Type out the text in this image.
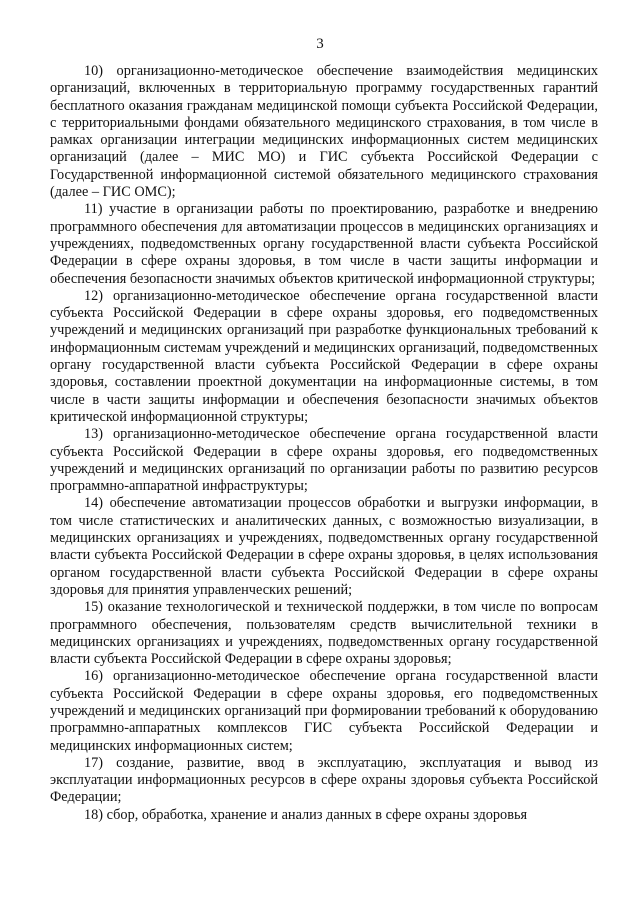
3

10) организационно-методическое обеспечение взаимодействия медицинских организаций, включенных в территориальную программу государственных гарантий бесплатного оказания гражданам медицинской помощи субъекта Российской Федерации, с территориальными фондами обязательного медицинского страхования, в том числе в рамках организации интеграции медицинских информационных систем медицинских организаций (далее – МИС МО) и ГИС субъекта Российской Федерации с Государственной информационной системой обязательного медицинского страхования (далее – ГИС ОМС);

11) участие в организации работы по проектированию, разработке и внедрению программного обеспечения для автоматизации процессов в медицинских организациях и учреждениях, подведомственных органу государственной власти субъекта Российской Федерации в сфере охраны здоровья, в том числе в части защиты информации и обеспечения безопасности значимых объектов критической информационной структуры;

12) организационно-методическое обеспечение органа государственной власти субъекта Российской Федерации в сфере охраны здоровья, его подведомственных учреждений и медицинских организаций при разработке функциональных требований к информационным системам учреждений и медицинских организаций, подведомственных органу государственной власти субъекта Российской Федерации в сфере охраны здоровья, составлении проектной документации на информационные системы, в том числе в части защиты информации и обеспечения безопасности значимых объектов критической информационной структуры;

13) организационно-методическое обеспечение органа государственной власти субъекта Российской Федерации в сфере охраны здоровья, его подведомственных учреждений и медицинских организаций по организации работы по развитию ресурсов программно-аппаратной инфраструктуры;

14) обеспечение автоматизации процессов обработки и выгрузки информации, в том числе статистических и аналитических данных, с возможностью визуализации, в медицинских организациях и учреждениях, подведомственных органу государственной власти субъекта Российской Федерации в сфере охраны здоровья, в целях использования органом государственной власти субъекта Российской Федерации в сфере охраны здоровья для принятия управленческих решений;

15) оказание технологической и технической поддержки, в том числе по вопросам программного обеспечения, пользователям средств вычислительной техники в медицинских организациях и учреждениях, подведомственных органу государственной власти субъекта Российской Федерации в сфере охраны здоровья;

16) организационно-методическое обеспечение органа государственной власти субъекта Российской Федерации в сфере охраны здоровья, его подведомственных учреждений и медицинских организаций при формировании требований к оборудованию программно-аппаратных комплексов ГИС субъекта Российской Федерации и медицинских информационных систем;

17) создание, развитие, ввод в эксплуатацию, эксплуатация и вывод из эксплуатации информационных ресурсов в сфере охраны здоровья субъекта Российской Федерации;

18) сбор, обработка, хранение и анализ данных в сфере охраны здоровья
